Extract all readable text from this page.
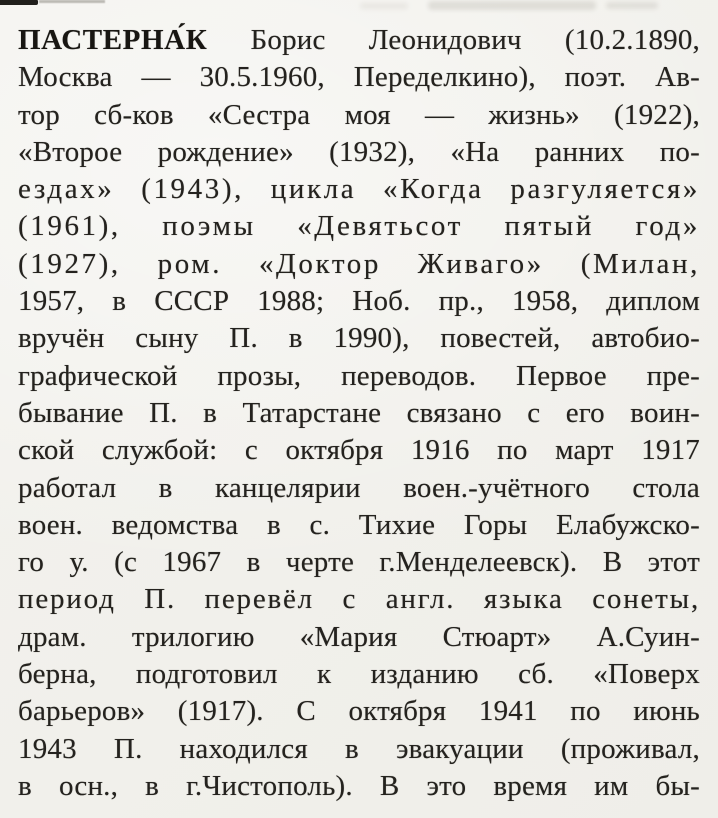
ПАСТЕРНА́К Борис Леонидович (10.2.1890,
Москва — 30.5.1960, Переделкино), поэт. Ав-
тор сб-ков «Сестра моя — жизнь» (1922),
«Второе рождение» (1932), «На ранних по-
ездах» (1943), цикла «Когда разгуляется»
(1961), поэмы «Девятьсот пятый год»
(1927), ром. «Доктор Живаго» (Милан,
1957, в СССР 1988; Ноб. пр., 1958, диплом
вручён сыну П. в 1990), повестей, автобио-
графической прозы, переводов. Первое пре-
бывание П. в Татарстане связано с его воин-
ской службой: с октября 1916 по март 1917
работал в канцелярии воен.-учётного стола
воен. ведомства в с. Тихие Горы Елабужско-
го у. (с 1967 в черте г.Менделеевск). В этот
период П. перевёл с англ. языка сонеты,
драм. трилогию «Мария Стюарт» А.Суин-
берна, подготовил к изданию сб. «Поверх
барьеров» (1917). С октября 1941 по июнь
1943 П. находился в эвакуации (проживал,
в осн., в г.Чистополь). В это время им бы-
